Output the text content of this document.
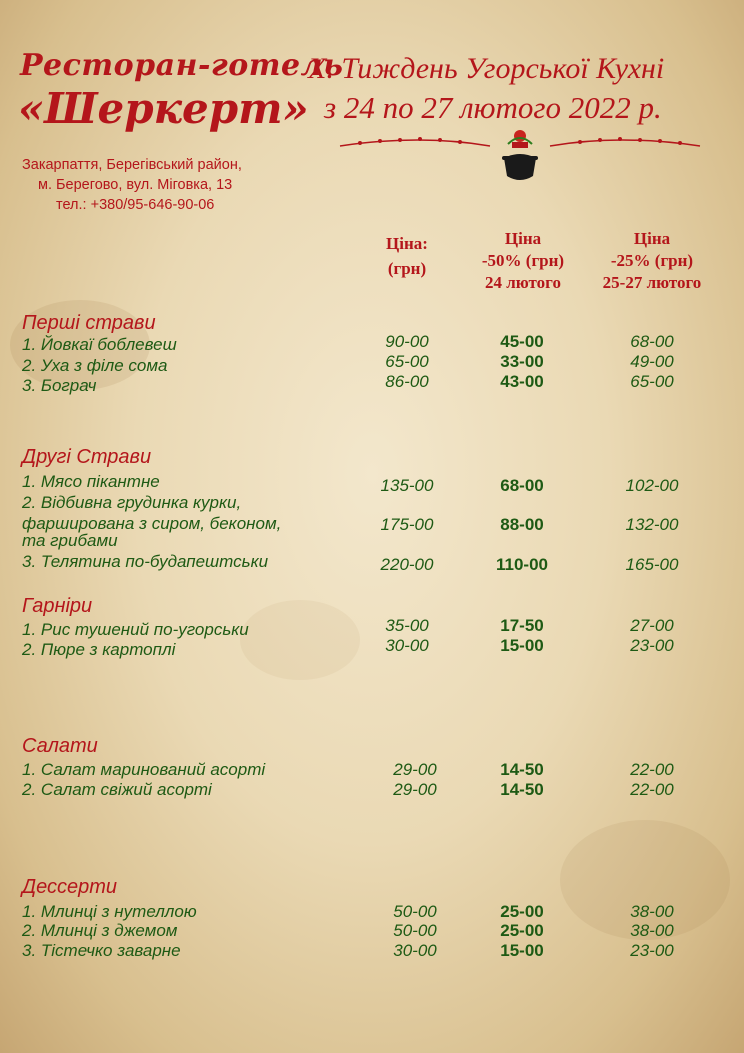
Ресторан-готель
«Шеркерт»
Х. Тиждень Угорської Кухні
з 24 по 27 лютого 2022 р.
Закарпаття, Берегівський район,
м. Берегово, вул. Міговка, 13
тел.: +380/95-646-90-06
Ціна:
(грн)
Ціна
-50% (грн)
24 лютого
Ціна
-25% (грн)
25-27 лютого
Перші страви
1. Йовкаї боблевеш	90-00	45-00	68-00
2. Уха з філе сома	65-00	33-00	49-00
3. Бограч	86-00	43-00	65-00
Другі Страви
1. Мясо пікантне	135-00	68-00	102-00
2. Відбивна грудинка курки,
фаршированa з сиром, беконом,
та грибами
175-00	88-00	132-00
3. Телятина по-будапештськи	220-00	110-00	165-00
Гарніри
1. Рис тушений по-угорськи	35-00	17-50	27-00
2. Пюре з картоплі	30-00	15-00	23-00
Салати
1. Салат маринований асорті	29-00	14-50	22-00
2. Салат свіжий асорті	29-00	14-50	22-00
Дессерти
1. Млинці з нутеллою	50-00	25-00	38-00
2. Млинці з джемом	50-00	25-00	38-00
3. Тістечко заварне	30-00	15-00	23-00
